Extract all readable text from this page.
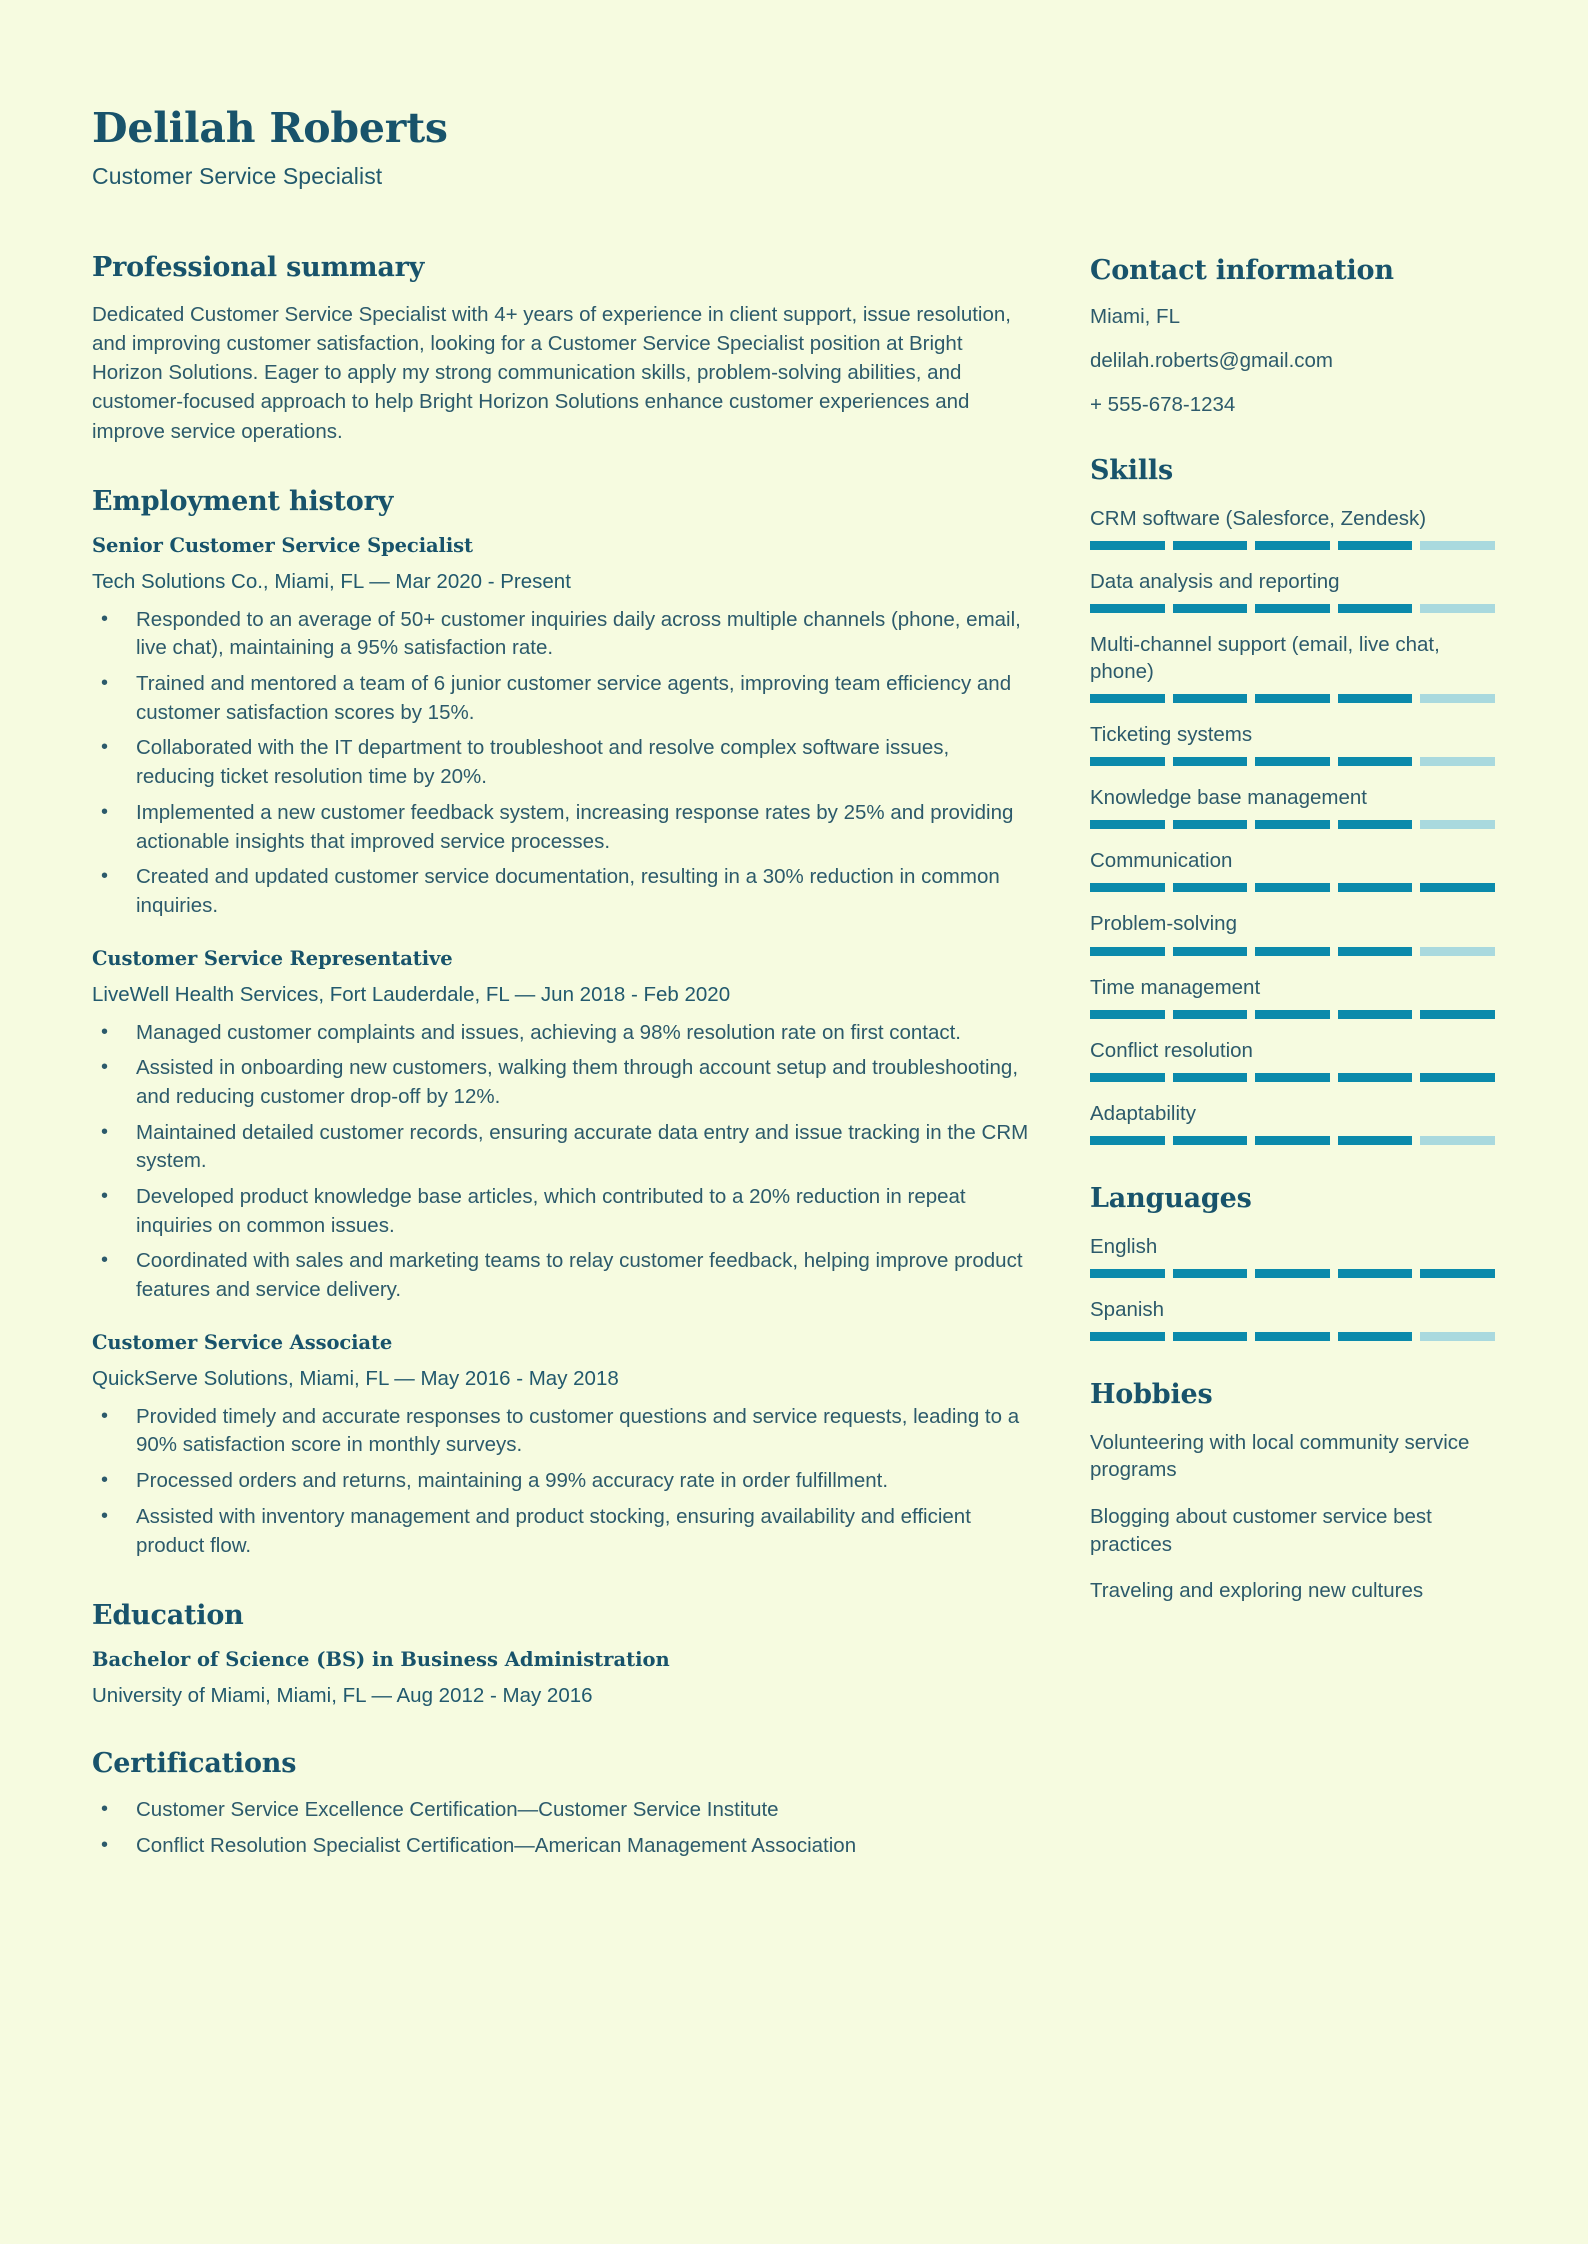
Delilah Roberts
Customer Service Specialist
Professional summary
Dedicated Customer Service Specialist with 4+ years of experience in client support, issue resolution, and improving customer satisfaction, looking for a Customer Service Specialist position at Bright Horizon Solutions. Eager to apply my strong communication skills, problem-solving abilities, and customer-focused approach to help Bright Horizon Solutions enhance customer experiences and improve service operations.
Employment history
Senior Customer Service Specialist
Tech Solutions Co., Miami, FL — Mar 2020 - Present
• Responded to an average of 50+ customer inquiries daily across multiple channels (phone, email, live chat), maintaining a 95% satisfaction rate.
• Trained and mentored a team of 6 junior customer service agents, improving team efficiency and customer satisfaction scores by 15%.
• Collaborated with the IT department to troubleshoot and resolve complex software issues, reducing ticket resolution time by 20%.
• Implemented a new customer feedback system, increasing response rates by 25% and providing actionable insights that improved service processes.
• Created and updated customer service documentation, resulting in a 30% reduction in common inquiries.
Customer Service Representative
LiveWell Health Services, Fort Lauderdale, FL — Jun 2018 - Feb 2020
• Managed customer complaints and issues, achieving a 98% resolution rate on first contact.
• Assisted in onboarding new customers, walking them through account setup and troubleshooting, and reducing customer drop-off by 12%.
• Maintained detailed customer records, ensuring accurate data entry and issue tracking in the CRM system.
• Developed product knowledge base articles, which contributed to a 20% reduction in repeat inquiries on common issues.
• Coordinated with sales and marketing teams to relay customer feedback, helping improve product features and service delivery.
Customer Service Associate
QuickServe Solutions, Miami, FL — May 2016 - May 2018
• Provided timely and accurate responses to customer questions and service requests, leading to a 90% satisfaction score in monthly surveys.
• Processed orders and returns, maintaining a 99% accuracy rate in order fulfillment.
• Assisted with inventory management and product stocking, ensuring availability and efficient product flow.
Education
Bachelor of Science (BS) in Business Administration
University of Miami, Miami, FL — Aug 2012 - May 2016
Certifications
• Customer Service Excellence Certification—Customer Service Institute
• Conflict Resolution Specialist Certification—American Management Association
Contact information
Miami, FL
delilah.roberts@gmail.com
+ 555-678-1234
Skills
CRM software (Salesforce, Zendesk)
Data analysis and reporting
Multi-channel support (email, live chat, phone)
Ticketing systems
Knowledge base management
Communication
Problem-solving
Time management
Conflict resolution
Adaptability
Languages
English
Spanish
Hobbies
Volunteering with local community service programs
Blogging about customer service best practices
Traveling and exploring new cultures
